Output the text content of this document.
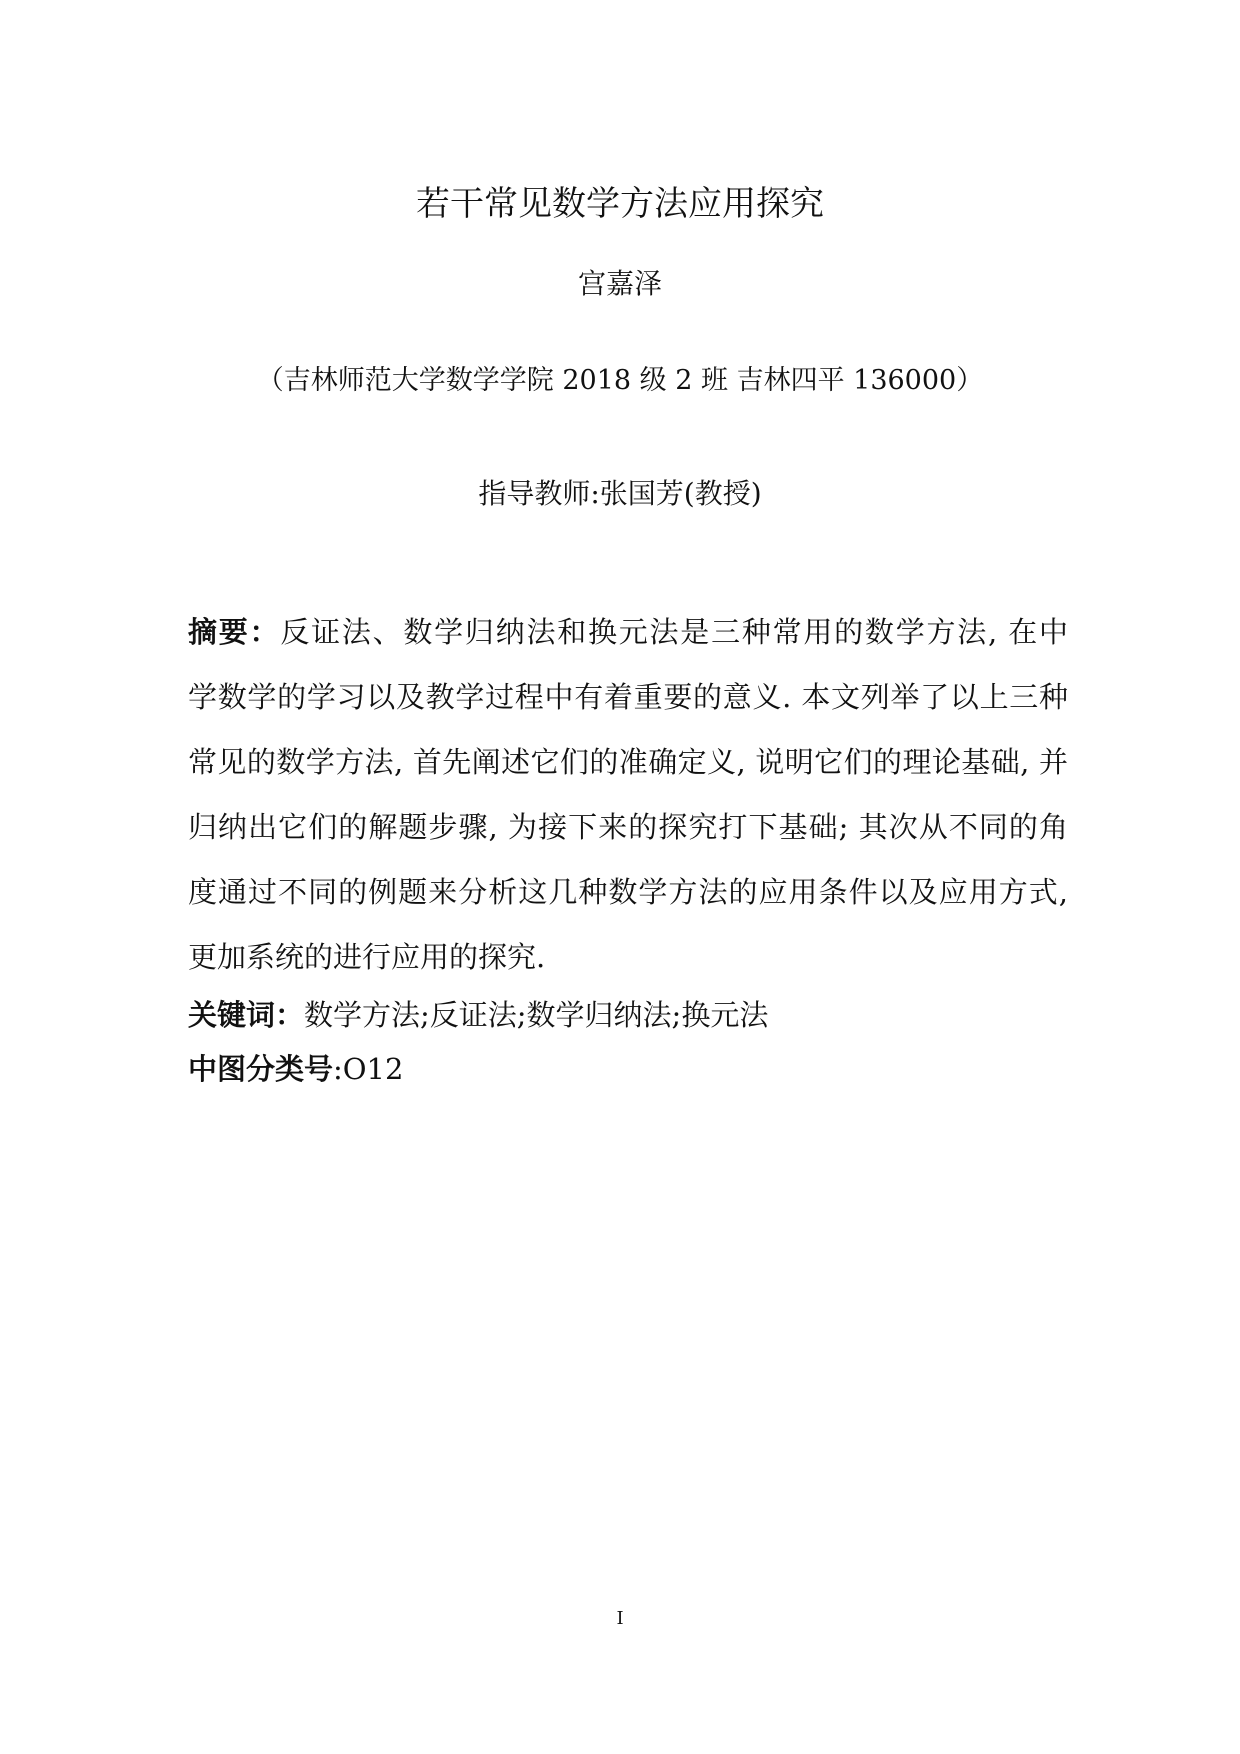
若干常见数学方法应用探究
宫嘉泽
（吉林师范大学数学学院 2018 级 2 班 吉林四平 136000）
指导教师:张国芳(教授)
摘要：反证法、数学归纳法和换元法是三种常用的数学方法, 在中
学数学的学习以及教学过程中有着重要的意义. 本文列举了以上三种
常见的数学方法, 首先阐述它们的准确定义, 说明它们的理论基础, 并
归纳出它们的解题步骤, 为接下来的探究打下基础; 其次从不同的角
度通过不同的例题来分析这几种数学方法的应用条件以及应用方式,
更加系统的进行应用的探究.
关键词：数学方法;反证法;数学归纳法;换元法
中图分类号:O12
I
